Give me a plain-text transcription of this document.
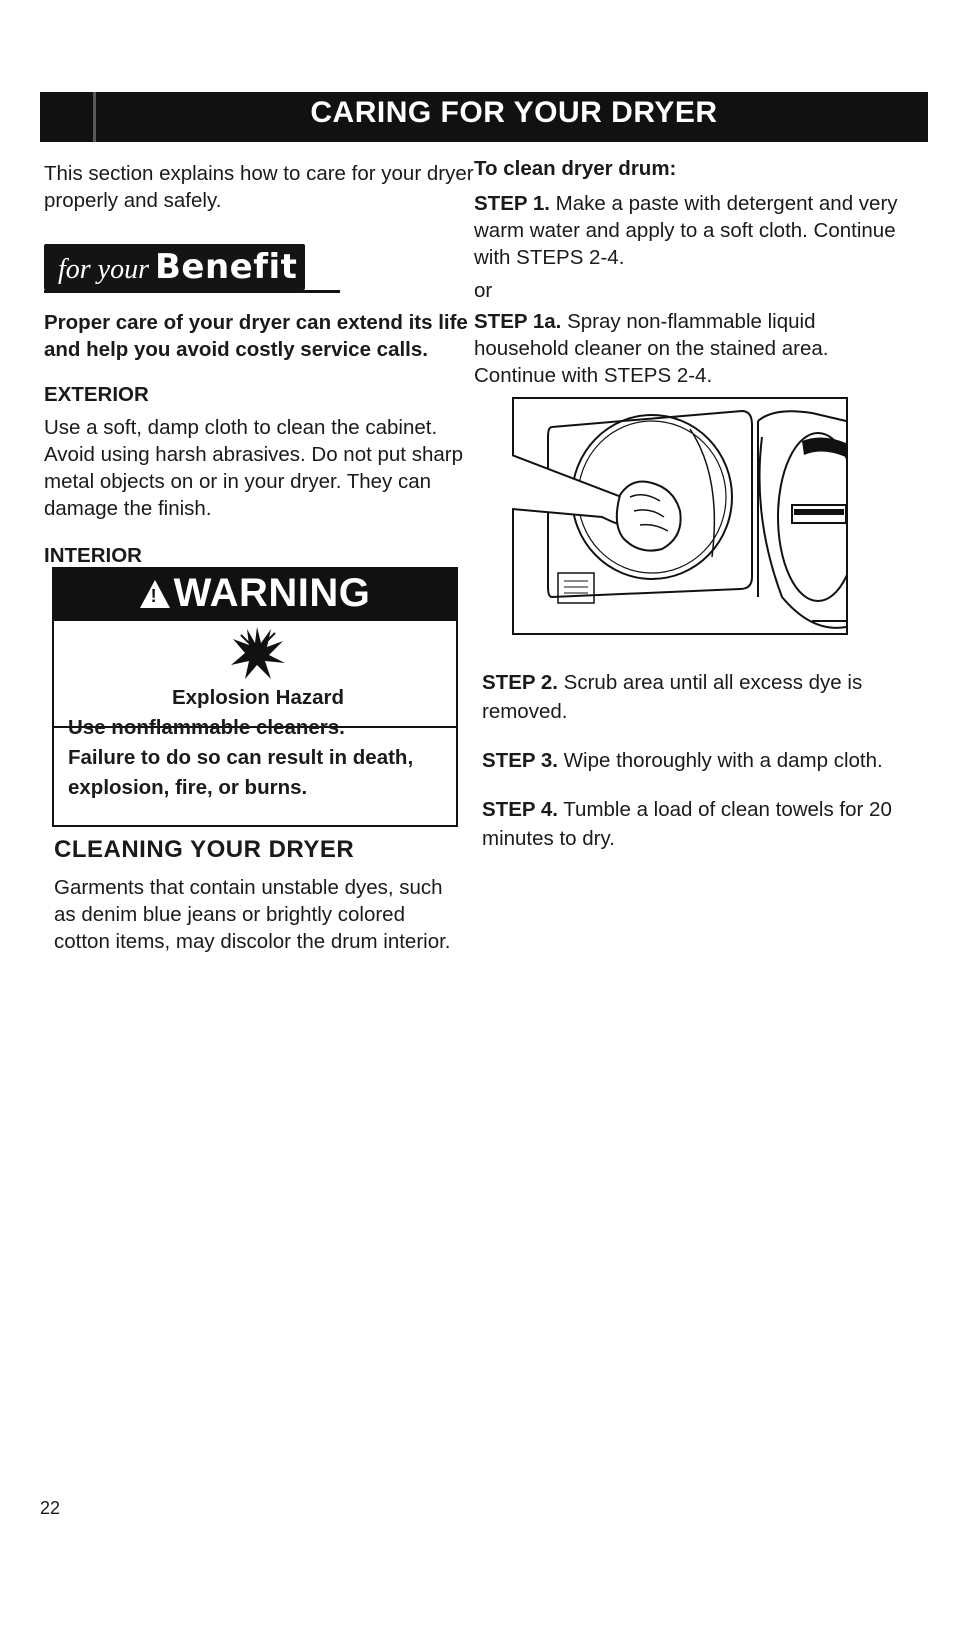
CARING FOR YOUR DRYER

This section explains how to care for your dryer properly and safely.

for your Benefit

Proper care of your dryer can extend its life and help you avoid costly service calls.

EXTERIOR

Use a soft, damp cloth to clean the cabinet. Avoid using harsh abrasives. Do not put sharp metal objects on or in your dryer. They can damage the finish.

INTERIOR

! WARNING
Explosion Hazard
Use nonflammable cleaners.
Failure to do so can result in death, explosion, fire, or burns.

CLEANING YOUR DRYER

Garments that contain unstable dyes, such as denim blue jeans or brightly colored cotton items, may discolor the drum interior.

To clean dryer drum:

STEP 1. Make a paste with detergent and very warm water and apply to a soft cloth. Continue with STEPS 2-4.

or

STEP 1a. Spray non-flammable liquid household cleaner on the stained area. Continue with STEPS 2-4.

STEP 2. Scrub area until all excess dye is removed.

STEP 3. Wipe thoroughly with a damp cloth.

STEP 4. Tumble a load of clean towels for 20 minutes to dry.

22
